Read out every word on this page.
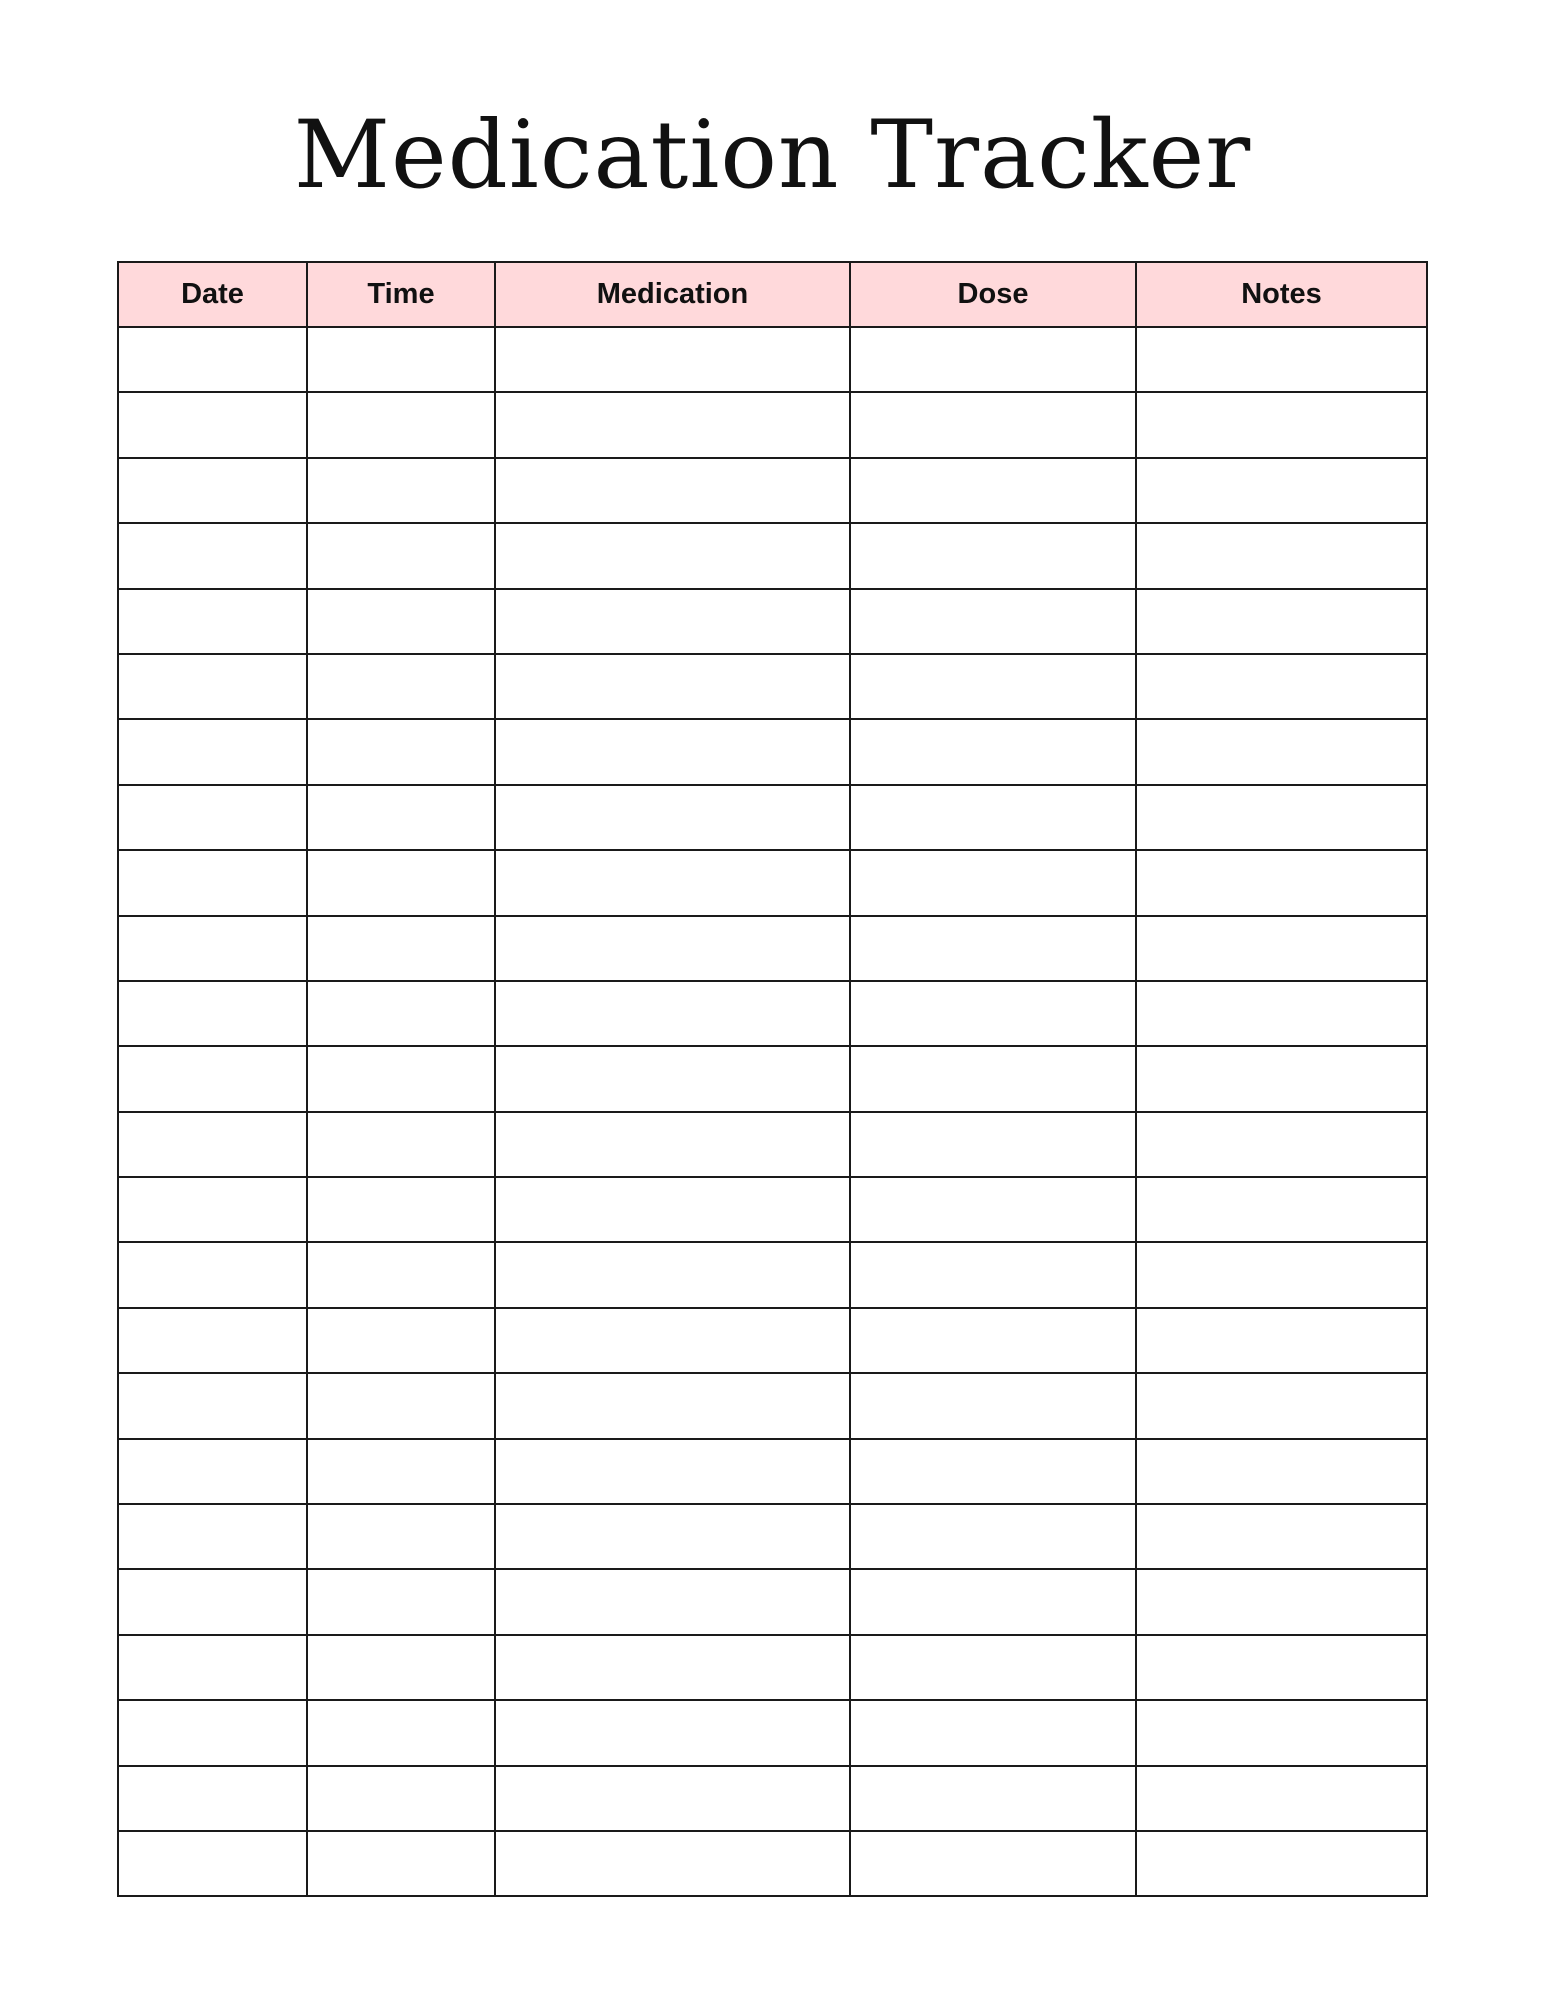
Medication Tracker
Date	Time	Medication	Dose	Notes
